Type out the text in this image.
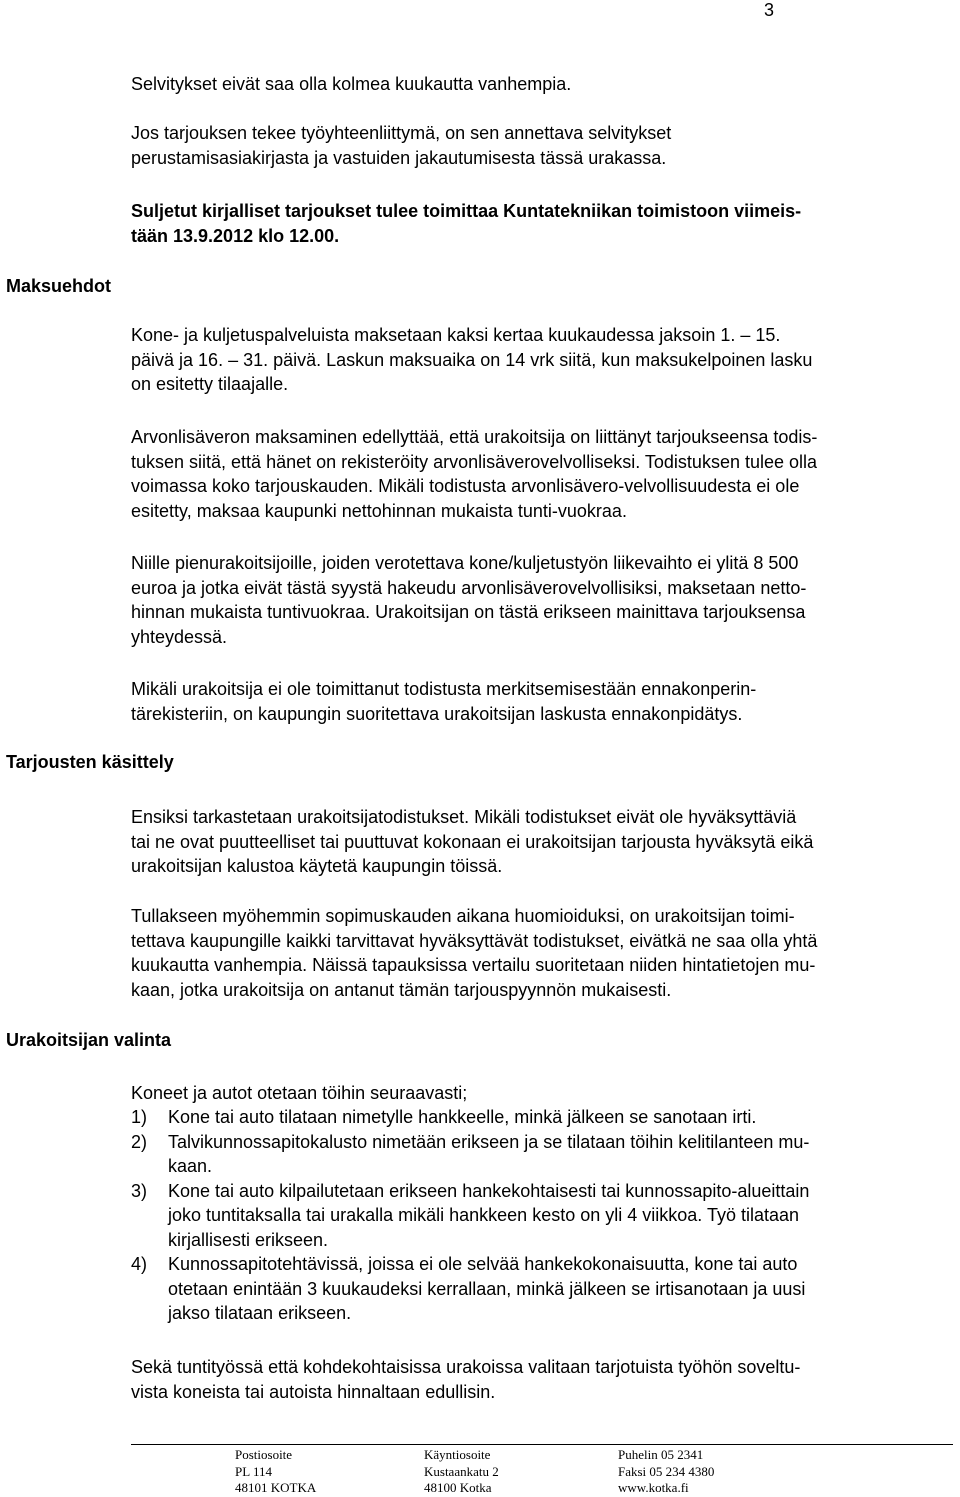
3
Maksuehdot
Tarjousten käsittely
Urakoitsijan valinta
Selvitykset eivät saa olla kolmea kuukautta vanhempia.
Jos tarjouksen tekee työyhteenliittymä, on sen annettava selvitykset
perustamisasiakirjasta ja vastuiden jakautumisesta tässä urakassa.
Suljetut kirjalliset tarjoukset tulee toimittaa Kuntatekniikan toimistoon viimeis-
tään 13.9.2012 klo 12.00.
Kone- ja kuljetuspalveluista maksetaan kaksi kertaa kuukaudessa jaksoin 1. – 15.
päivä ja 16. – 31. päivä. Laskun maksuaika on 14 vrk siitä, kun maksukelpoinen lasku
on esitetty tilaajalle.
Arvonlisäveron maksaminen edellyttää, että urakoitsija on liittänyt tarjoukseensa todis-
tuksen siitä, että hänet on rekisteröity arvonlisäverovelvolliseksi. Todistuksen tulee olla
voimassa koko tarjouskauden. Mikäli todistusta arvonlisävero-velvollisuudesta ei ole
esitetty, maksaa kaupunki nettohinnan mukaista tunti-vuokraa.
Niille pienurakoitsijoille, joiden verotettava kone/kuljetustyön liikevaihto ei ylitä 8 500
euroa ja jotka eivät tästä syystä hakeudu arvonlisäverovelvollisiksi, maksetaan netto-
hinnan mukaista tuntivuokraa. Urakoitsijan on tästä erikseen mainittava tarjouksensa
yhteydessä.
Mikäli urakoitsija ei ole toimittanut todistusta merkitsemisestään ennakonperin-
tärekisteriin, on kaupungin suoritettava urakoitsijan laskusta ennakonpidätys.
Ensiksi tarkastetaan urakoitsijatodistukset. Mikäli todistukset eivät ole hyväksyttäviä
tai ne ovat puutteelliset tai puuttuvat kokonaan ei urakoitsijan tarjousta hyväksytä eikä
urakoitsijan kalustoa käytetä kaupungin töissä.
Tullakseen myöhemmin sopimuskauden aikana huomioiduksi, on urakoitsijan toimi-
tettava kaupungille kaikki tarvittavat hyväksyttävät todistukset, eivätkä ne saa olla yhtä
kuukautta vanhempia. Näissä tapauksissa vertailu suoritetaan niiden hintatietojen mu-
kaan, jotka urakoitsija on antanut tämän tarjouspyynnön mukaisesti.
Koneet ja autot otetaan töihin seuraavasti;
1) Kone tai auto tilataan nimetylle hankkeelle, minkä jälkeen se sanotaan irti.
2) Talvikunnossapitokalusto nimetään erikseen ja se tilataan töihin kelitilanteen mu-
kaan.
3) Kone tai auto kilpailutetaan erikseen hankekohtaisesti tai kunnossapito-alueittain
joko tuntitaksalla tai urakalla mikäli hankkeen kesto on yli 4 viikkoa. Työ tilataan
kirjallisesti erikseen.
4) Kunnossapitotehtävissä, joissa ei ole selvää hankekokonaisuutta, kone tai auto
otetaan enintään 3 kuukaudeksi kerrallaan, minkä jälkeen se irtisanotaan ja uusi
jakso tilataan erikseen.
Sekä tuntityössä että kohdekohtaisissa urakoissa valitaan tarjotuista työhön soveltu-
vista koneista tai autoista hinnaltaan edullisin.
Postiosoite
PL 114
48101 KOTKA
Käyntiosoite
Kustaankatu 2
48100 Kotka
Puhelin 05 2341
Faksi 05 234 4380
www.kotka.fi
